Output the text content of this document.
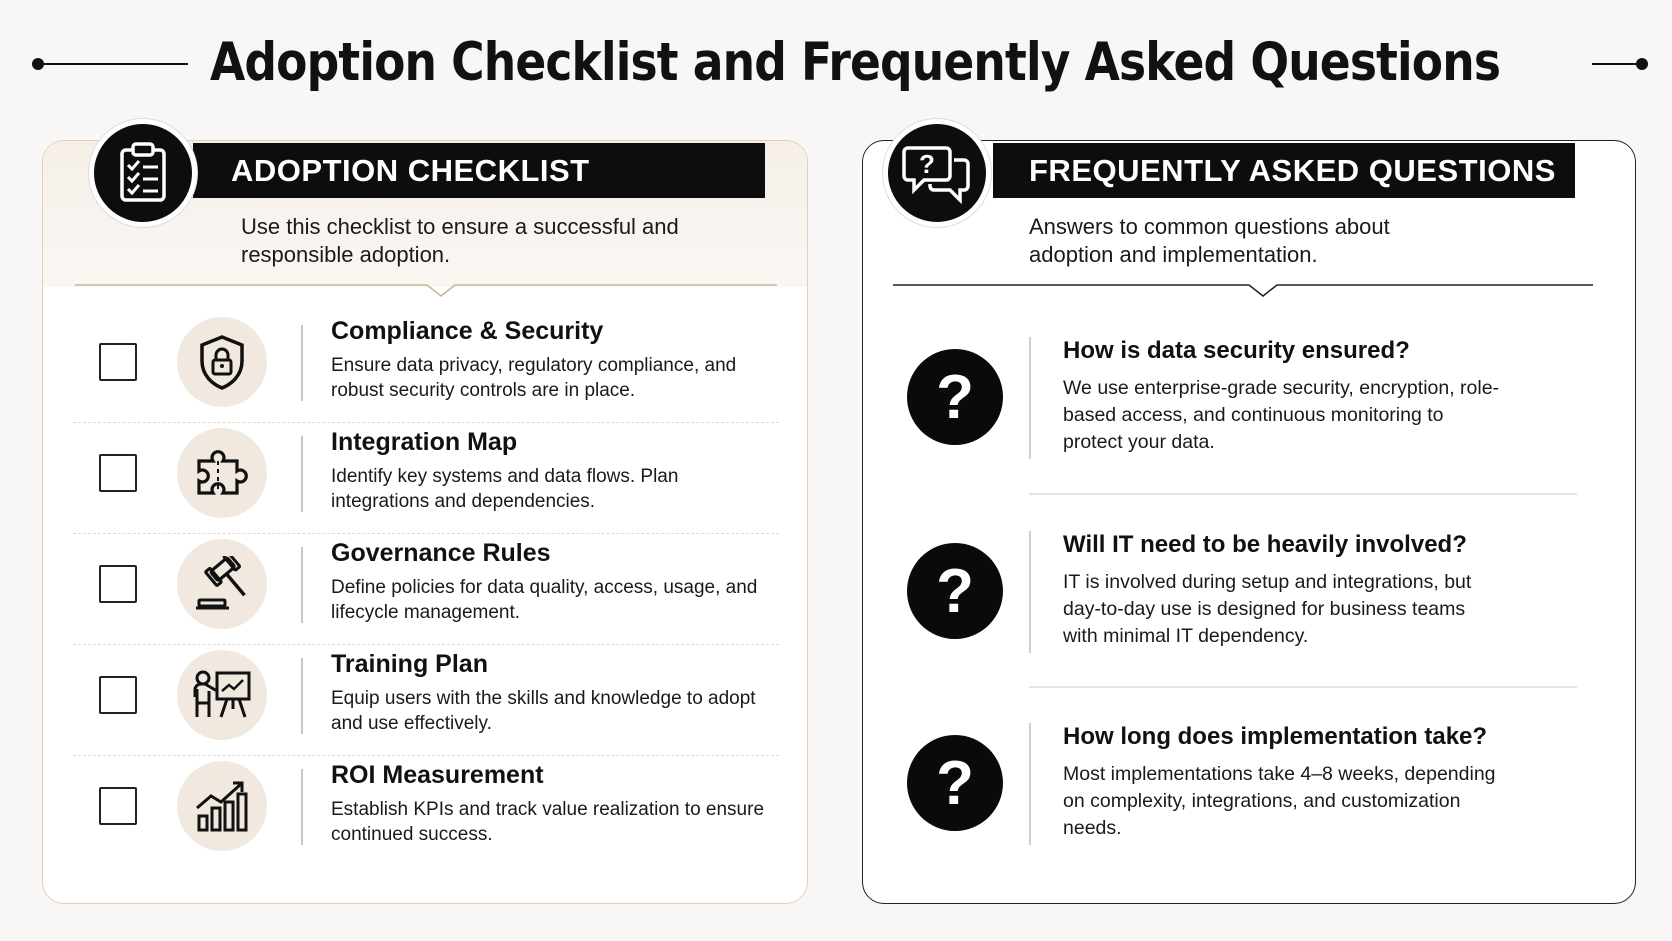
Adoption Checklist and Frequently Asked Questions
ADOPTION CHECKLIST
Use this checklist to ensure a successful and responsible adoption.
Compliance & Security
Ensure data privacy, regulatory compliance, and robust security controls are in place.
Integration Map
Identify key systems and data flows. Plan integrations and dependencies.
Governance Rules
Define policies for data quality, access, usage, and lifecycle management.
Training Plan
Equip users with the skills and knowledge to adopt and use effectively.
ROI Measurement
Establish KPIs and track value realization to ensure continued success.
?	FREQUENTLY ASKED QUESTIONS
Answers to common questions about adoption and implementation.
?
How is data security ensured?
We use enterprise-grade security, encryption, role-based access, and continuous monitoring to protect your data.
?
Will IT need to be heavily involved?
IT is involved during setup and integrations, but day-to-day use is designed for business teams with minimal IT dependency.
?
How long does implementation take?
Most implementations take 4–8 weeks, depending on complexity, integrations, and customization needs.
